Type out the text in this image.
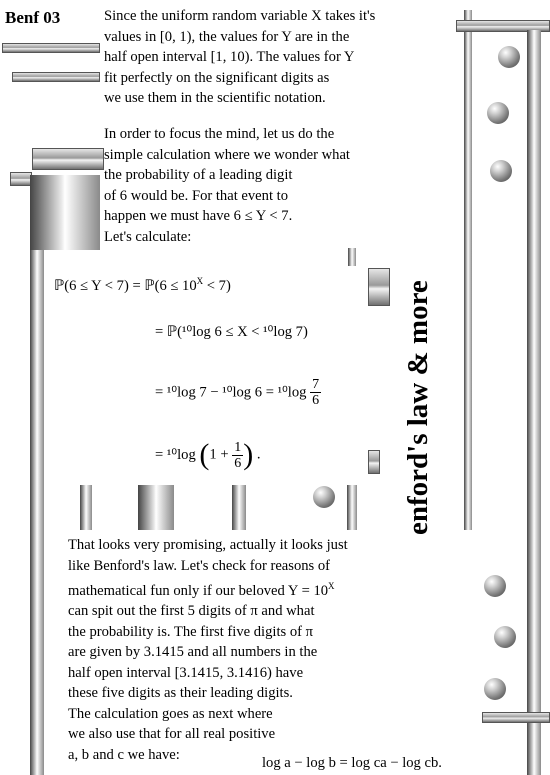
Benf 03
enford's law & more
Since the uniform random variable X takes it's
values in [0, 1), the values for Y are in the
half open interval [1, 10). The values for Y
fit perfectly on the significant digits as
we use them in the scientific notation.
In order to focus the mind, let us do the
simple calculation where we wonder what
the probability of a leading digit
of 6 would be. For that event to
happen we must have 6 ≤ Y < 7.
Let's calculate:
ℙ(6 ≤ Y < 7) = ℙ(6 ≤ $10^X < 7$)
= ℙ(¹⁰log 6 ≤ X < ¹⁰log 7)
= ¹⁰log 7 − ¹⁰log $6 = ^{10}\log \frac{7}{6}$
= ¹⁰log ($1 + \frac{1}{6}$ ) .
That looks very promising, actually it looks just
like Benford's law. Let's check for reasons of
mathematical fun only if our beloved $Y = 10^X$
can spit out the first 5 digits of π and what
the probability is. The first five digits of π
are given by 3.1415 and all numbers in the
half open interval [3.1415, 3.1416) have
these five digits as their leading digits.
The calculation goes as next where
we also use that for all real positive
a, b and c we have:
log a − log b = log ca − log cb.
